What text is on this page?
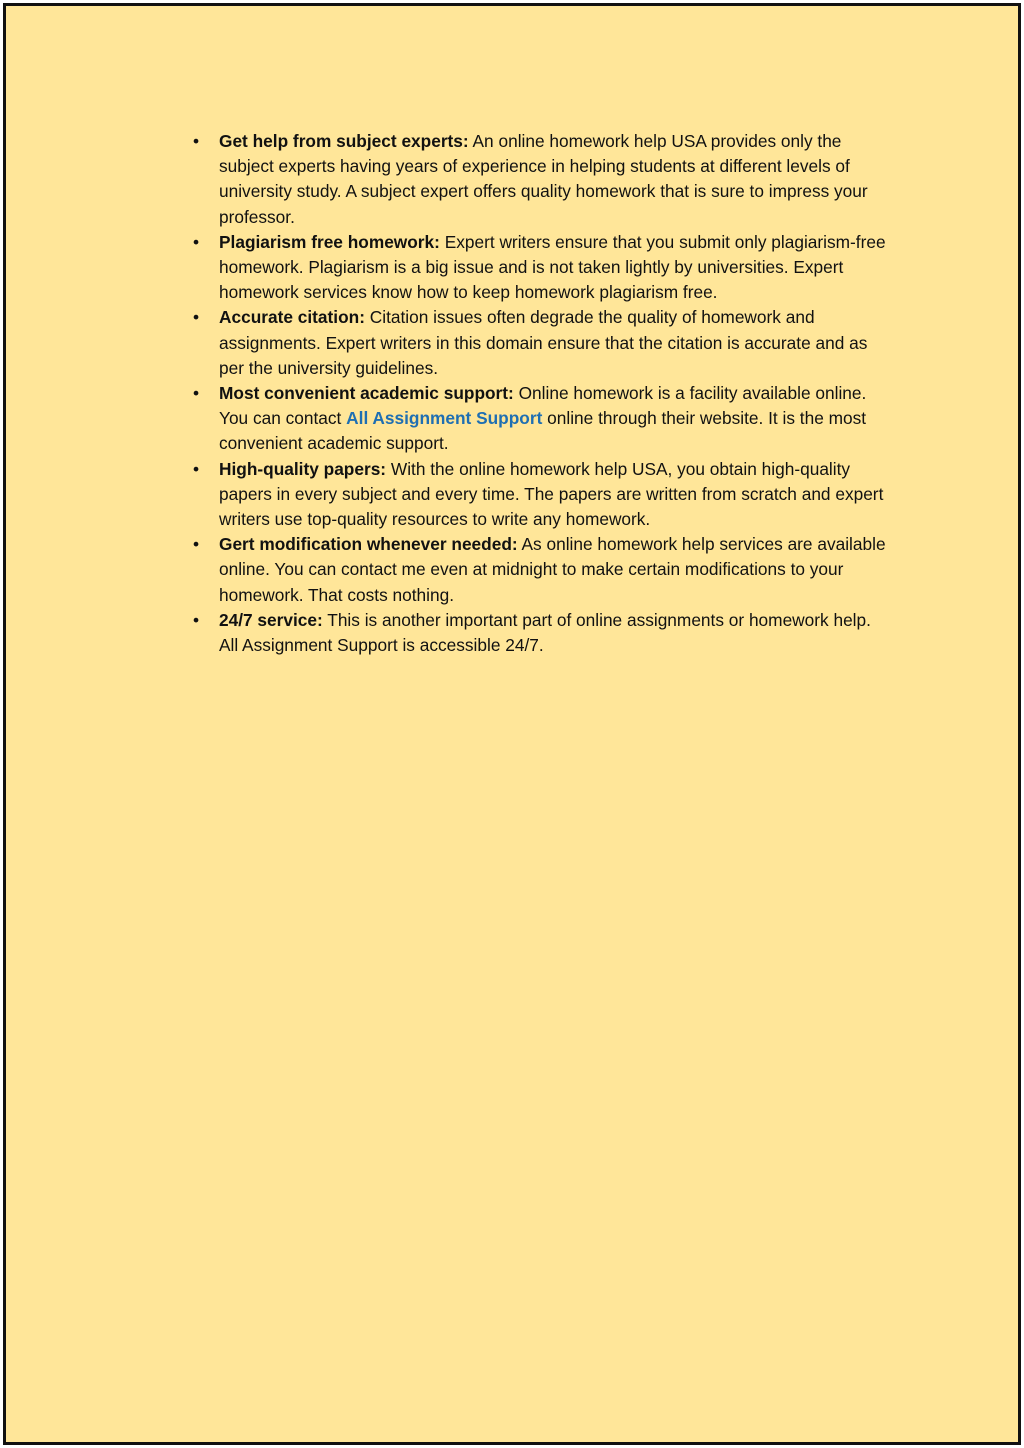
• Get help from subject experts: An online homework help USA provides only the subject experts having years of experience in helping students at different levels of university study. A subject expert offers quality homework that is sure to impress your professor.
• Plagiarism free homework: Expert writers ensure that you submit only plagiarism-free homework. Plagiarism is a big issue and is not taken lightly by universities. Expert homework services know how to keep homework plagiarism free.
• Accurate citation: Citation issues often degrade the quality of homework and assignments. Expert writers in this domain ensure that the citation is accurate and as per the university guidelines.
• Most convenient academic support: Online homework is a facility available online. You can contact All Assignment Support online through their website. It is the most convenient academic support.
• High-quality papers: With the online homework help USA, you obtain high-quality papers in every subject and every time. The papers are written from scratch and expert writers use top-quality resources to write any homework.
• Gert modification whenever needed: As online homework help services are available online. You can contact me even at midnight to make certain modifications to your homework. That costs nothing.
• 24/7 service: This is another important part of online assignments or homework help. All Assignment Support is accessible 24/7.
